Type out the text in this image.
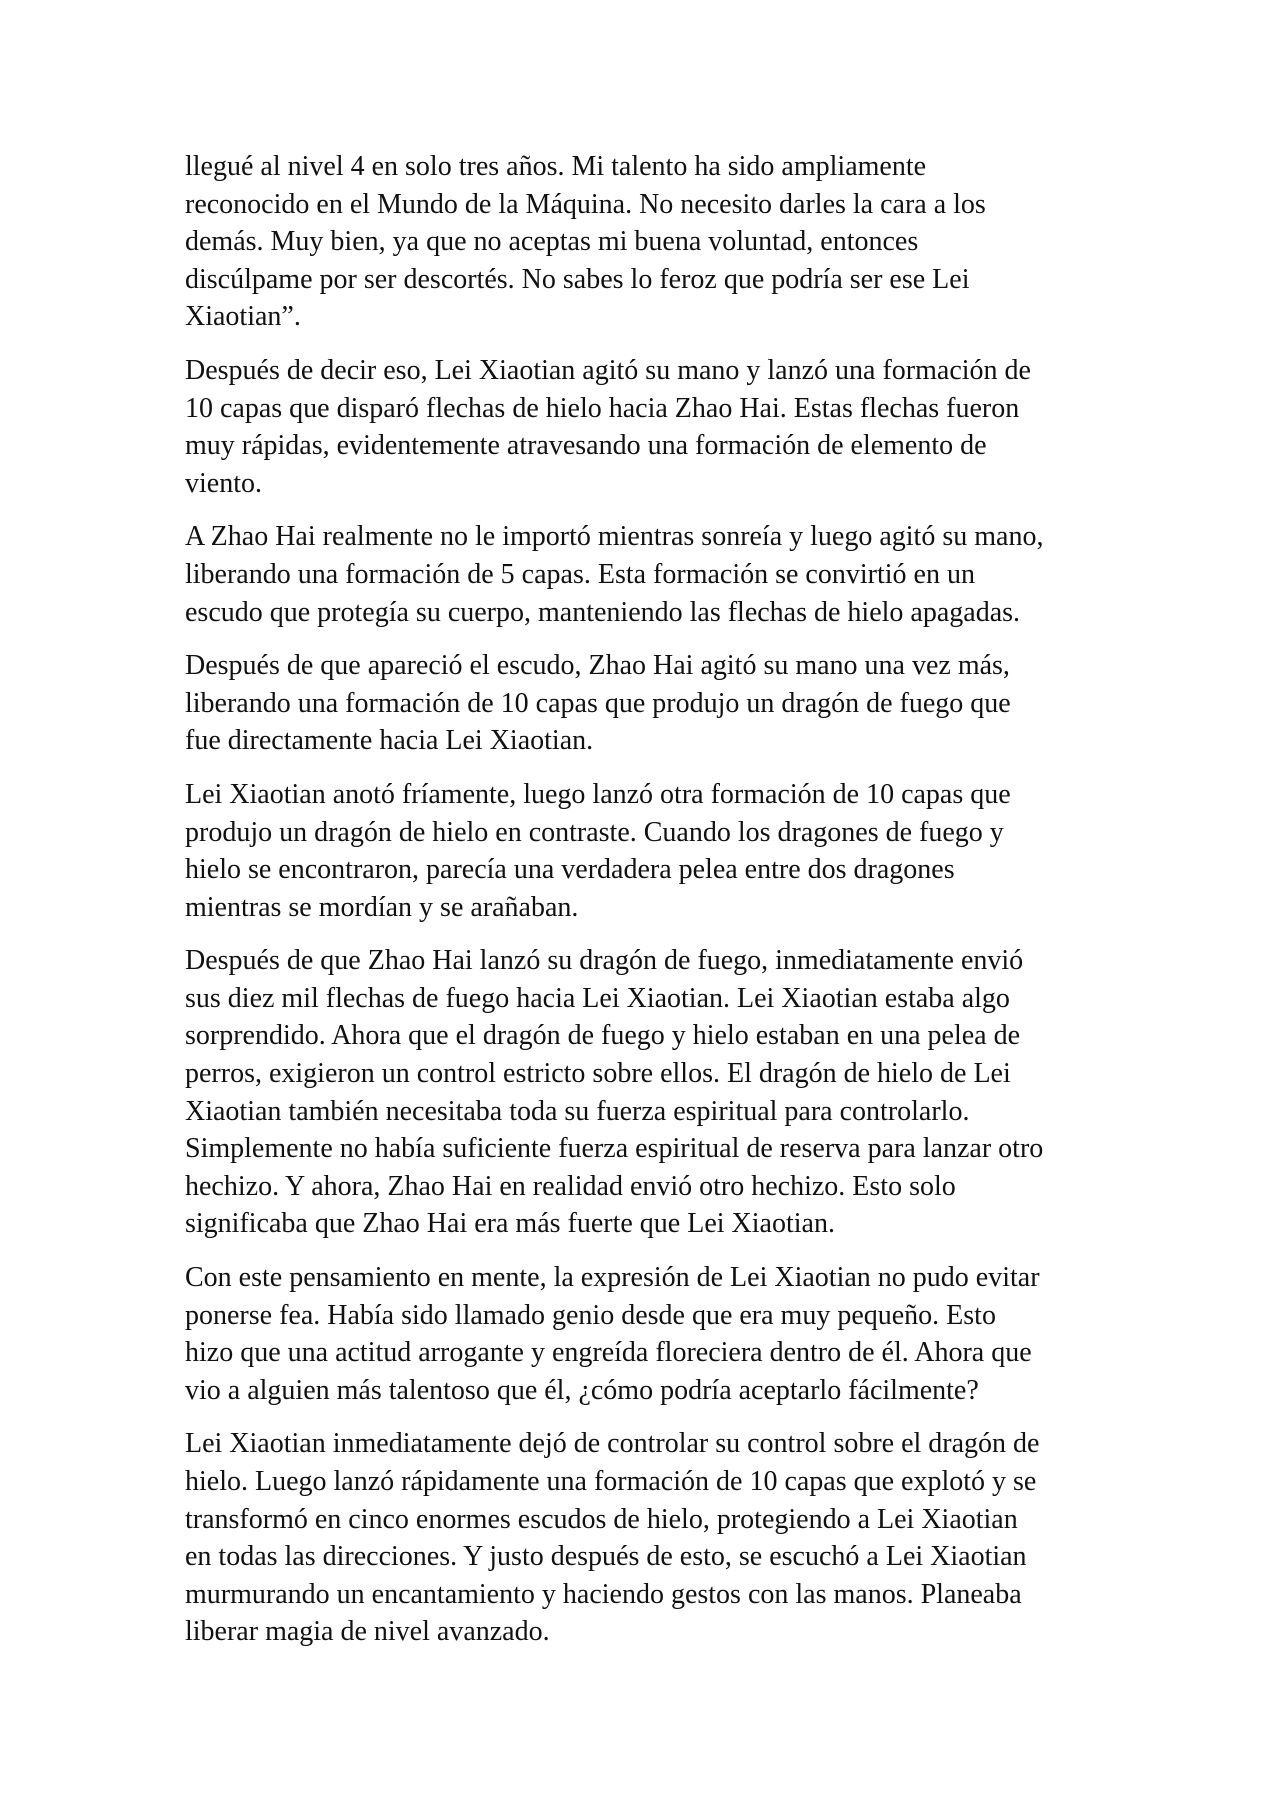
llegué al nivel 4 en solo tres años. Mi talento ha sido ampliamente
reconocido en el Mundo de la Máquina. No necesito darles la cara a los
demás. Muy bien, ya que no aceptas mi buena voluntad, entonces
discúlpame por ser descortés. No sabes lo feroz que podría ser ese Lei
Xiaotian”.

Después de decir eso, Lei Xiaotian agitó su mano y lanzó una formación de
10 capas que disparó flechas de hielo hacia Zhao Hai. Estas flechas fueron
muy rápidas, evidentemente atravesando una formación de elemento de
viento.

A Zhao Hai realmente no le importó mientras sonreía y luego agitó su mano,
liberando una formación de 5 capas. Esta formación se convirtió en un
escudo que protegía su cuerpo, manteniendo las flechas de hielo apagadas.

Después de que apareció el escudo, Zhao Hai agitó su mano una vez más,
liberando una formación de 10 capas que produjo un dragón de fuego que
fue directamente hacia Lei Xiaotian.

Lei Xiaotian anotó fríamente, luego lanzó otra formación de 10 capas que
produjo un dragón de hielo en contraste. Cuando los dragones de fuego y
hielo se encontraron, parecía una verdadera pelea entre dos dragones
mientras se mordían y se arañaban.

Después de que Zhao Hai lanzó su dragón de fuego, inmediatamente envió
sus diez mil flechas de fuego hacia Lei Xiaotian. Lei Xiaotian estaba algo
sorprendido. Ahora que el dragón de fuego y hielo estaban en una pelea de
perros, exigieron un control estricto sobre ellos. El dragón de hielo de Lei
Xiaotian también necesitaba toda su fuerza espiritual para controlarlo.
Simplemente no había suficiente fuerza espiritual de reserva para lanzar otro
hechizo. Y ahora, Zhao Hai en realidad envió otro hechizo. Esto solo
significaba que Zhao Hai era más fuerte que Lei Xiaotian.

Con este pensamiento en mente, la expresión de Lei Xiaotian no pudo evitar
ponerse fea. Había sido llamado genio desde que era muy pequeño. Esto
hizo que una actitud arrogante y engreída floreciera dentro de él. Ahora que
vio a alguien más talentoso que él, ¿cómo podría aceptarlo fácilmente?

Lei Xiaotian inmediatamente dejó de controlar su control sobre el dragón de
hielo. Luego lanzó rápidamente una formación de 10 capas que explotó y se
transformó en cinco enormes escudos de hielo, protegiendo a Lei Xiaotian
en todas las direcciones. Y justo después de esto, se escuchó a Lei Xiaotian
murmurando un encantamiento y haciendo gestos con las manos. Planeaba
liberar magia de nivel avanzado.
